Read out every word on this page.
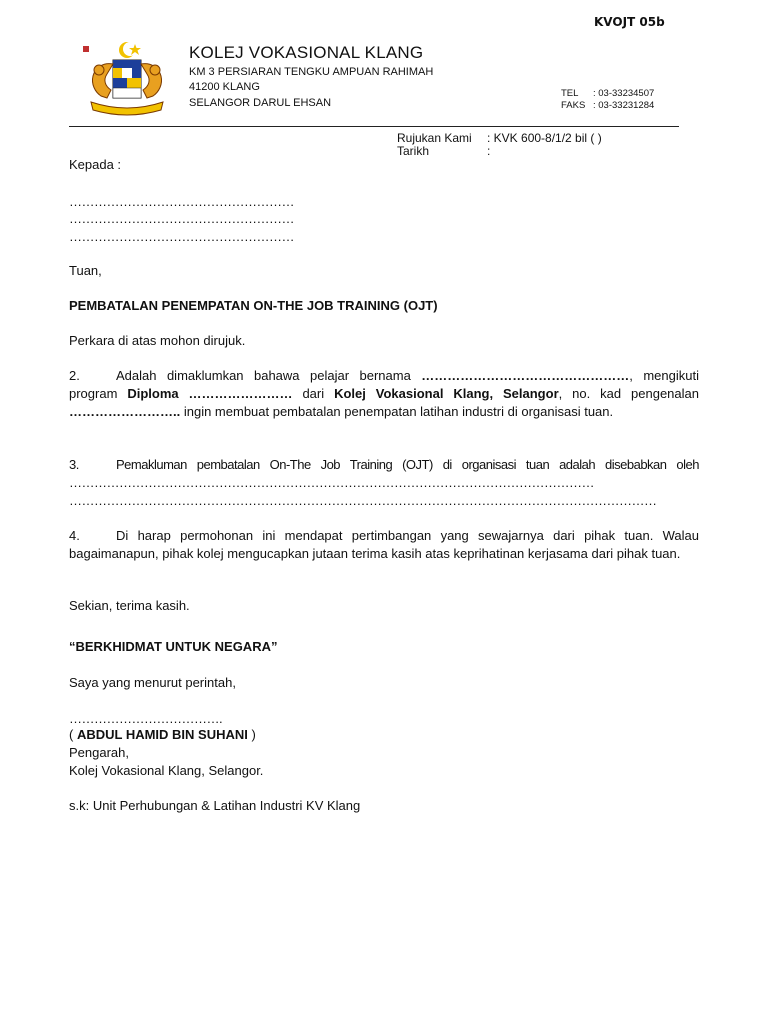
KVOJT 05b
KOLEJ VOKASIONAL KLANG
KM 3 PERSIARAN TENGKU AMPUAN RAHIMAH
41200 KLANG
SELANGOR DARUL EHSAN
TEL : 03-33234507
FAKS : 03-33231284
Rujukan Kami : KVK 600-8/1/2 bil ( )
Tarikh	:
Kepada :
………………………………………………
………………………………………………
………………………………………………
Tuan,
PEMBATALAN PENEMPATAN ON-THE JOB TRAINING (OJT)
Perkara di atas mohon dirujuk.
2.	Adalah dimaklumkan bahawa pelajar bernama …………………………………………, mengikuti program Diploma …………………… dari Kolej Vokasional Klang, Selangor, no. kad pengenalan …………………….. ingin membuat pembatalan penempatan latihan industri di organisasi tuan.
3.	Pemakluman pembatalan On-The Job Training (OJT) di organisasi tuan adalah disebabkan oleh ………………………………………………………………………………………………………………
……………………………………………………………………………………………………………………………
4.	Di harap permohonan ini mendapat pertimbangan yang sewajarnya dari pihak tuan. Walau bagaimanapun, pihak kolej mengucapkan jutaan terima kasih atas keprihatinan kerjasama dari pihak tuan.
Sekian, terima kasih.
“BERKHIDMAT UNTUK NEGARA”
Saya yang menurut perintah,
……………………………….
( ABDUL HAMID BIN SUHANI )
Pengarah,
Kolej Vokasional Klang, Selangor.
s.k: Unit Perhubungan & Latihan Industri KV Klang
